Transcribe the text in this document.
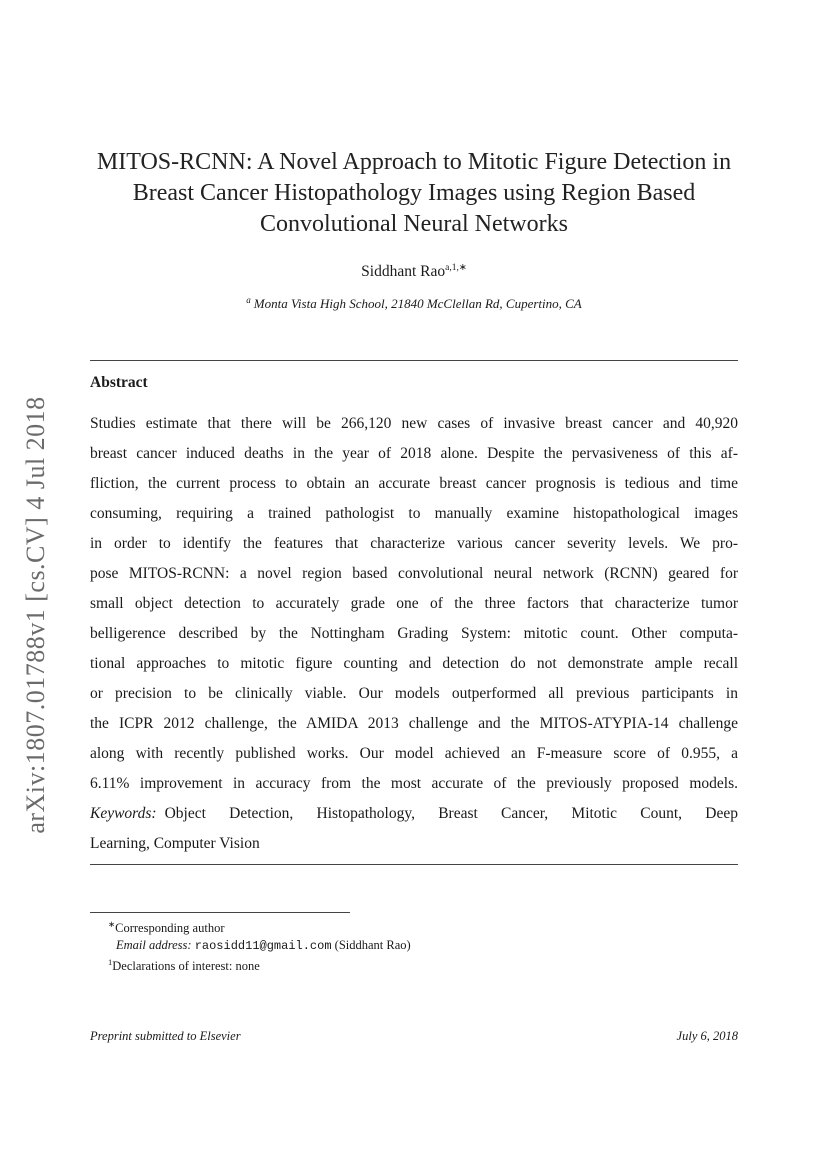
arXiv:1807.01788v1 [cs.CV] 4 Jul 2018
MITOS-RCNN: A Novel Approach to Mitotic Figure Detection in
Breast Cancer Histopathology Images using Region Based
Convolutional Neural Networks
Siddhant Rao$^{a,1,∗}$
$^a$ Monta Vista High School, 21840 McClellan Rd, Cupertino, CA
Abstract
Studies estimate that there will be 266,120 new cases of invasive breast cancer and 40,920
breast cancer induced deaths in the year of 2018 alone. Despite the pervasiveness of this af-
fliction, the current process to obtain an accurate breast cancer prognosis is tedious and time
consuming, requiring a trained pathologist to manually examine histopathological images
in order to identify the features that characterize various cancer severity levels. We pro-
pose MITOS-RCNN: a novel region based convolutional neural network (RCNN) geared for
small object detection to accurately grade one of the three factors that characterize tumor
belligerence described by the Nottingham Grading System: mitotic count. Other computa-
tional approaches to mitotic figure counting and detection do not demonstrate ample recall
or precision to be clinically viable. Our models outperformed all previous participants in
the ICPR 2012 challenge, the AMIDA 2013 challenge and the MITOS-ATYPIA-14 challenge
along with recently published works. Our model achieved an F-measure score of 0.955, a
6.11% improvement in accuracy from the most accurate of the previously proposed models.
Keywords: Object Detection, Histopathology, Breast Cancer, Mitotic Count, Deep
Learning, Computer Vision
∗Corresponding author
Email address: raosidd11@gmail.com (Siddhant Rao)
$^1$Declarations of interest: none
Preprint submitted to Elsevier	July 6, 2018
